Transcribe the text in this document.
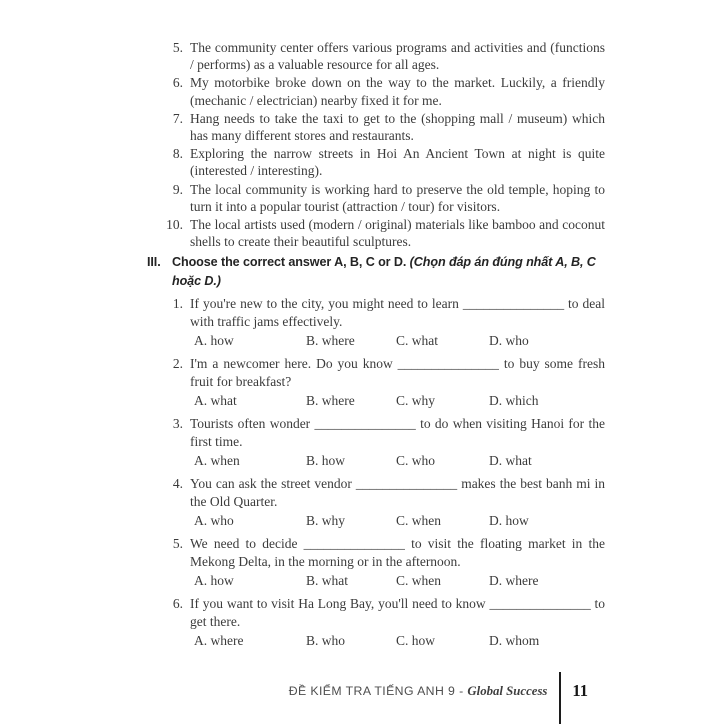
5. The community center offers various programs and activities and (functions / performs) as a valuable resource for all ages.

6. My motorbike broke down on the way to the market. Luckily, a friendly (mechanic / electrician) nearby fixed it for me.

7. Hang needs to take the taxi to get to the (shopping mall / museum) which has many different stores and restaurants.

8. Exploring the narrow streets in Hoi An Ancient Town at night is quite (interested / interesting).

9. The local community is working hard to preserve the old temple, hoping to turn it into a popular tourist (attraction / tour) for visitors.

10. The local artists used (modern / original) materials like bamboo and coconut shells to create their beautiful sculptures.

III. Choose the correct answer A, B, C or D. (Chọn đáp án đúng nhất A, B, C hoặc D.)

1. If you're new to the city, you might need to learn _______________ to deal with traffic jams effectively.

A. how	B. where	C. what	D. who
2. I'm a newcomer here. Do you know _______________ to buy some fresh fruit for breakfast?

A. what	B. where	C. why	D. which
3. Tourists often wonder _______________ to do when visiting Hanoi for the first time.

A. when	B. how	C. who	D. what
4. You can ask the street vendor _______________ makes the best banh mi in the Old Quarter.

A. who	B. why	C. when	D. how
5. We need to decide _______________ to visit the floating market in the Mekong Delta, in the morning or in the afternoon.

A. how	B. what	C. when	D. where
6. If you want to visit Ha Long Bay, you'll need to know _______________ to get there.

A. where	B. who	C. how	D. whom
ĐỀ KIỂM TRA TIẾNG ANH 9 - Global Success 11
